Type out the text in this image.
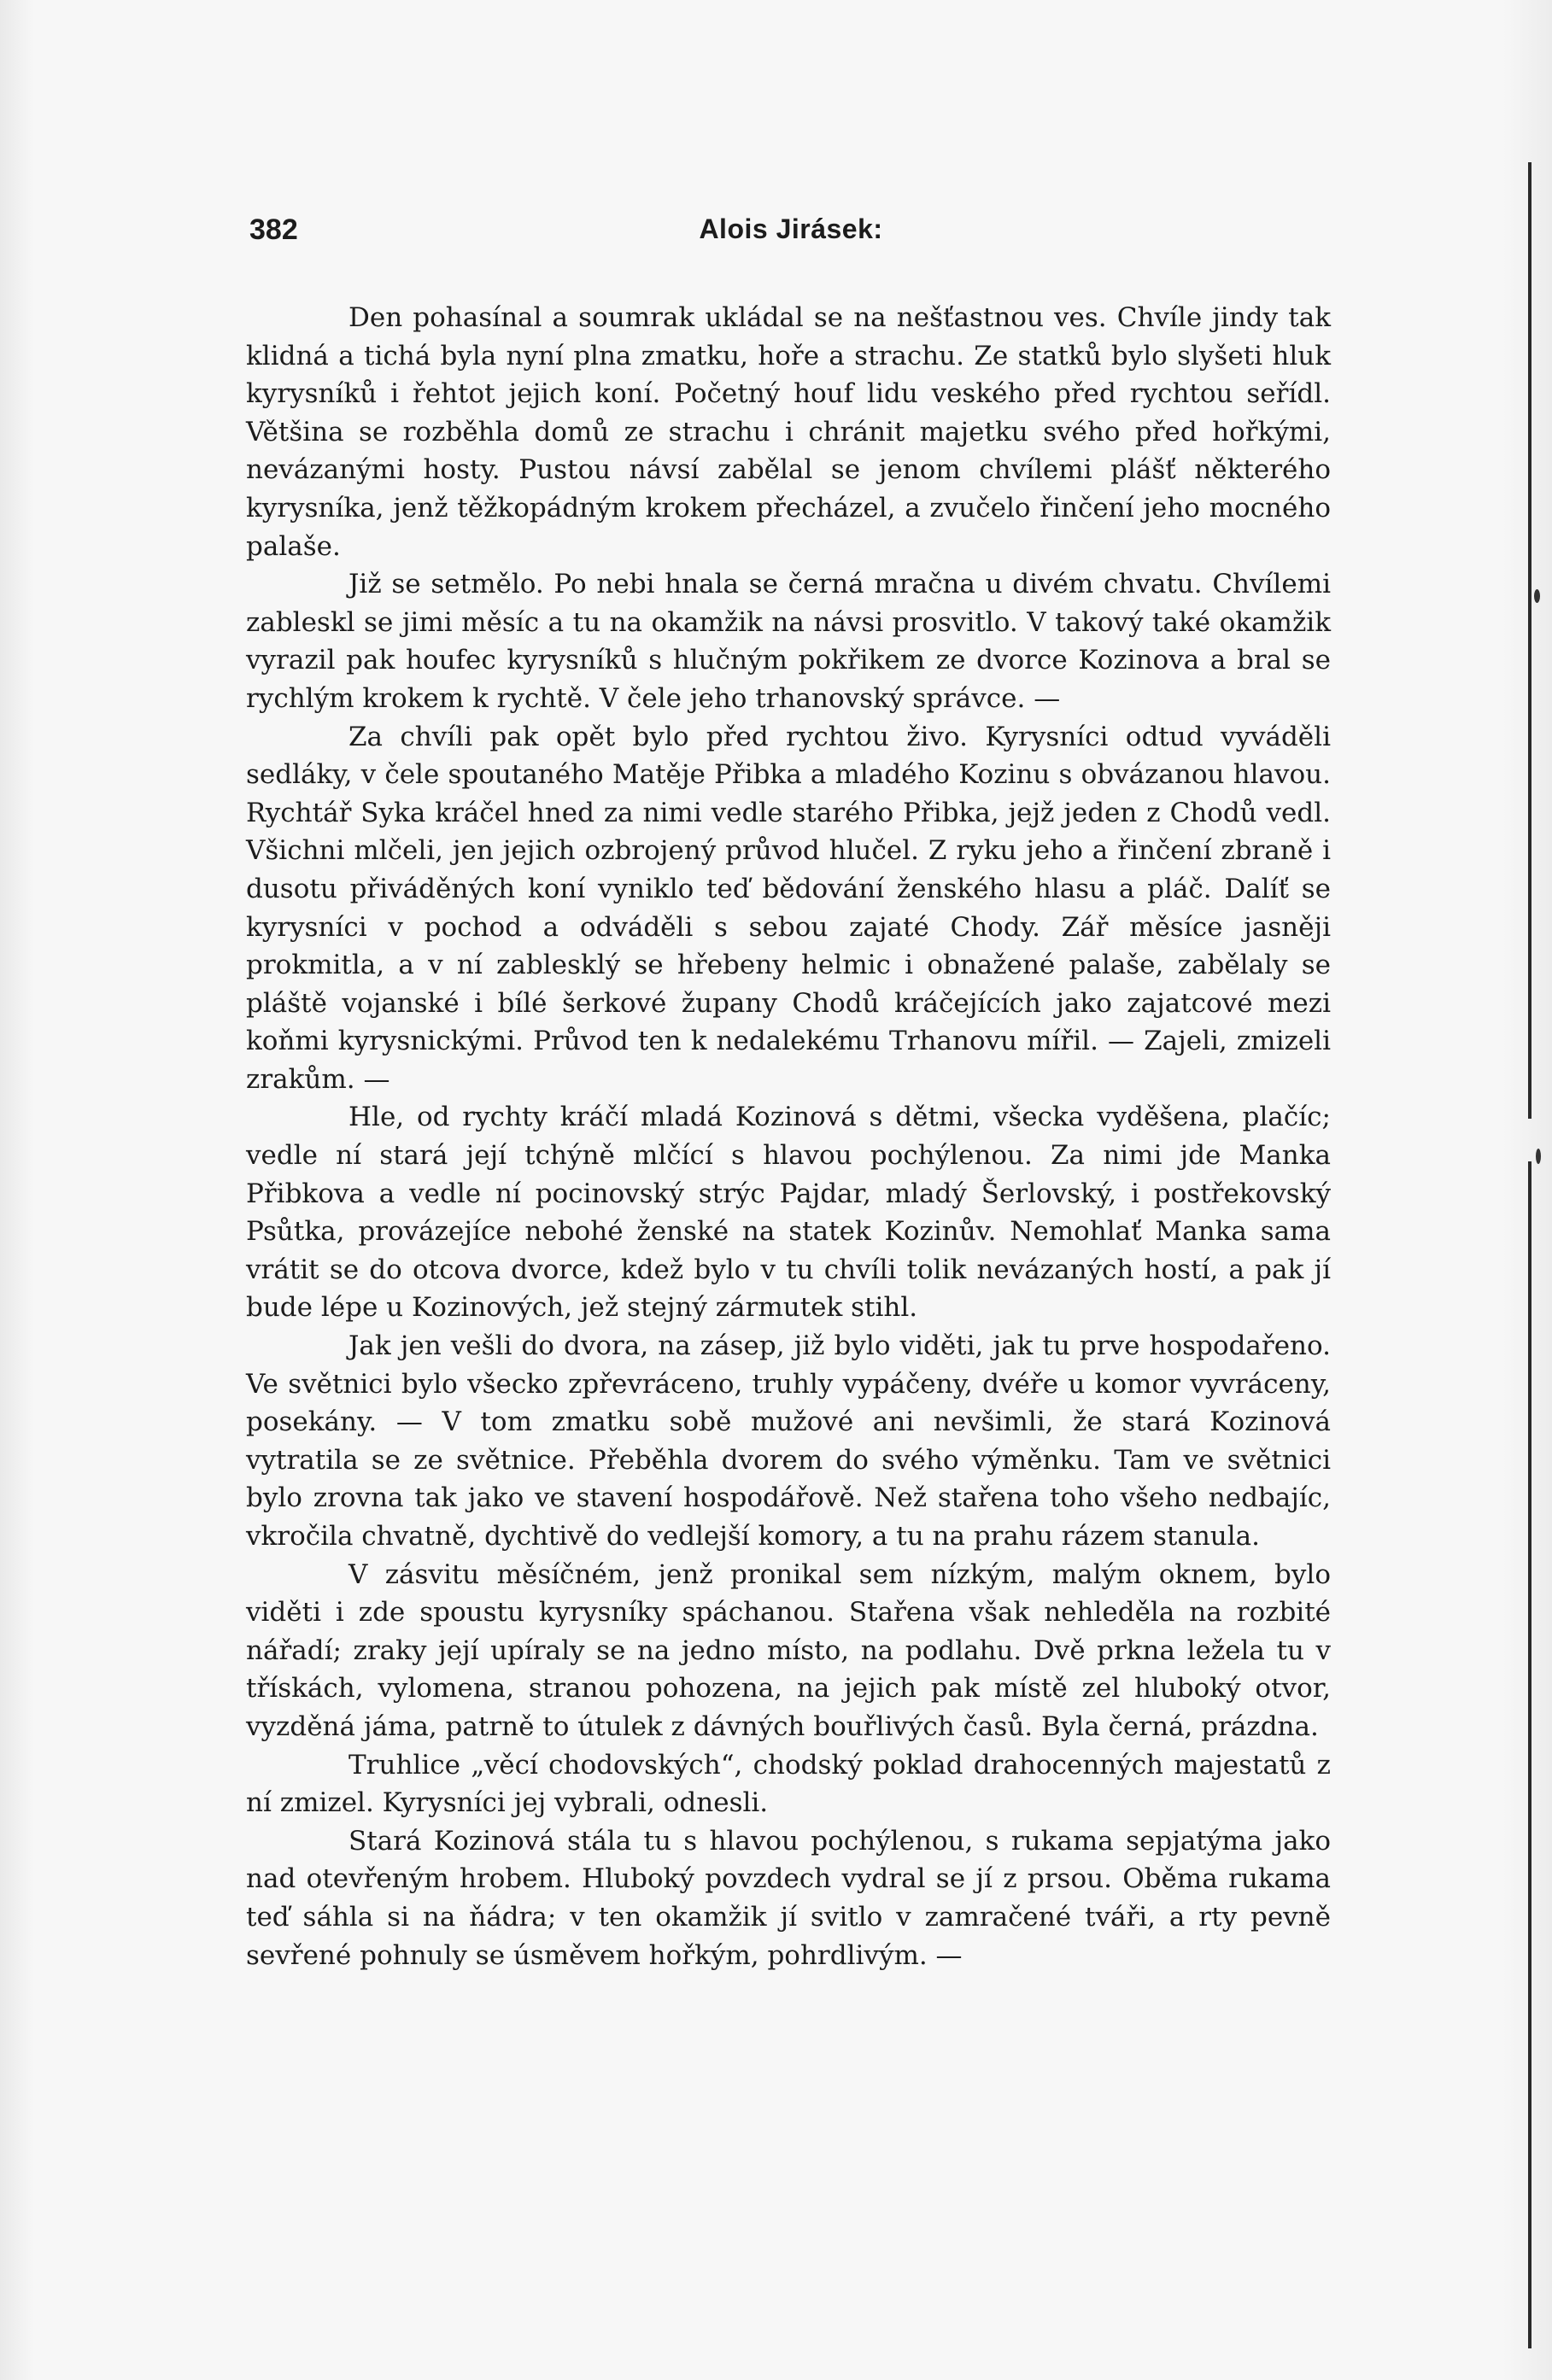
382	Alois Jirásek:

Den pohasínal a soumrak ukládal se na nešťastnou ves. Chvíle jindy tak klidná a tichá byla nyní plna zmatku, hoře a strachu. Ze statků bylo slyšeti hluk kyrysníků i řehtot jejich koní. Početný houf lidu veského před rychtou seřídl. Většina se rozběhla domů ze strachu i chránit majetku svého před hořkými, nevázanými hosty. Pustou návsí zabělal se jenom chvílemi plášť některého kyrysníka, jenž těžkopádným krokem přecházel, a zvučelo řinčení jeho mocného palaše.

Již se setmělo. Po nebi hnala se černá mračna u divém chvatu. Chvílemi zableskl se jimi měsíc a tu na okamžik na návsi prosvitlo. V takový také okamžik vyrazil pak houfec kyrysníků s hlučným pokřikem ze dvorce Kozinova a bral se rychlým krokem k rychtě. V čele jeho trhanovský správce. —

Za chvíli pak opět bylo před rychtou živo. Kyrysníci odtud vyváděli sedláky, v čele spoutaného Matěje Přibka a mladého Kozinu s obvázanou hlavou. Rychtář Syka kráčel hned za nimi vedle starého Přibka, jejž jeden z Chodů vedl. Všichni mlčeli, jen jejich ozbrojený průvod hlučel. Z ryku jeho a řinčení zbraně i dusotu přiváděných koní vyniklo teď bědování ženského hlasu a pláč. Dalíť se kyrysníci v pochod a odváděli s sebou zajaté Chody. Zář měsíce jasněji prokmitla, a v ní zablesklý se hřebeny helmic i obnažené palaše, zabělaly se pláště vojanské i bílé šerkové župany Chodů kráčejících jako zajatcové mezi koňmi kyrysnickými. Průvod ten k nedalekému Trhanovu mířil. — Zajeli, zmizeli zrakům. —

Hle, od rychty kráčí mladá Kozinová s dětmi, všecka vyděšena, plačíc; vedle ní stará její tchýně mlčící s hlavou pochýlenou. Za nimi jde Manka Přibkova a vedle ní pocinovský strýc Pajdar, mladý Šerlovský, i postřekovský Psůtka, provázejíce nebohé ženské na statek Kozinův. Nemohlať Manka sama vrátit se do otcova dvorce, kdež bylo v tu chvíli tolik nevázaných hostí, a pak jí bude lépe u Kozinových, jež stejný zármutek stihl.

Jak jen vešli do dvora, na zásep, již bylo viděti, jak tu prve hospodařeno. Ve světnici bylo všecko zpřevráceno, truhly vypáčeny, dvéře u komor vyvráceny, posekány. — V tom zmatku sobě mužové ani nevšimli, že stará Kozinová vytratila se ze světnice. Přeběhla dvorem do svého výměnku. Tam ve světnici bylo zrovna tak jako ve stavení hospodářově. Než stařena toho všeho nedbajíc, vkročila chvatně, dychtivě do vedlejší komory, a tu na prahu rázem stanula.

V zásvitu měsíčném, jenž pronikal sem nízkým, malým oknem, bylo viděti i zde spoustu kyrysníky spáchanou. Stařena však nehleděla na rozbité nářadí; zraky její upíraly se na jedno místo, na podlahu. Dvě prkna ležela tu v třískách, vylomena, stranou pohozena, na jejich pak místě zel hluboký otvor, vyzděná jáma, patrně to útulek z dávných bouřlivých časů. Byla černá, prázdna.

Truhlice „věcí chodovských“, chodský poklad drahocenných majestatů z ní zmizel. Kyrysníci jej vybrali, odnesli.

Stará Kozinová stála tu s hlavou pochýlenou, s rukama sepjatýma jako nad otevřeným hrobem. Hluboký povzdech vydral se jí z prsou. Oběma rukama teď sáhla si na ňádra; v ten okamžik jí svitlo v zamračené tváři, a rty pevně sevřené pohnuly se úsměvem hořkým, pohrdlivým. —
